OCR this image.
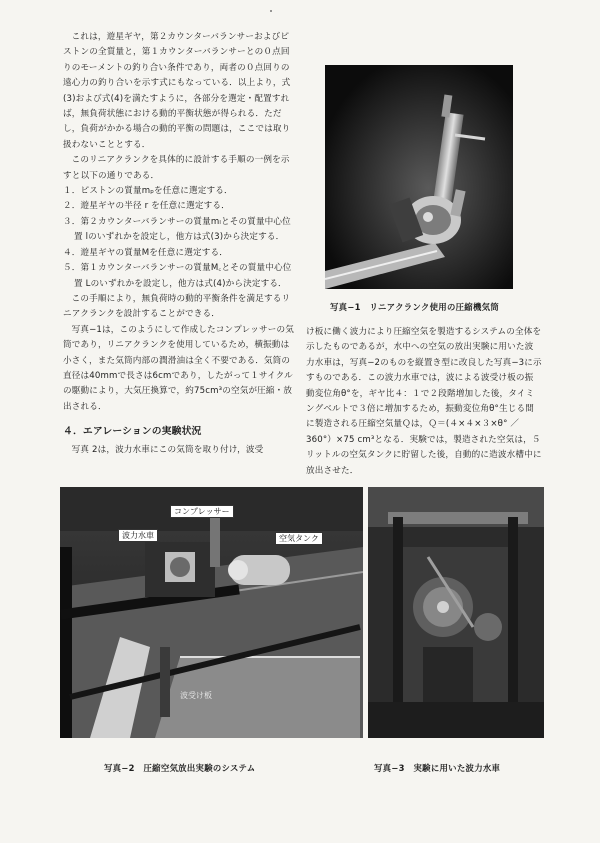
これは，遊星ギヤ，第２カウンターバランサーおよびピストンの全質量と，第１カウンターバランサーとの０点回りのモーメントの釣り合い条件であり，両者の０点回りの遠心力の釣り合いを示す式にもなっている．以上より，式(3)および式(4)を満たすように，各部分を選定・配置すれば，無負荷状態における動的平衡状態が得られる．ただし，負荷がかかる場合の動的平衡の問題は，ここでは取り扱わないこととする．

このリニアクランクを具体的に設計する手順の一例を示すと以下の通りである．

１．ピストンの質量mₚを任意に選定する．

２．遊星ギヤの半径 r を任意に選定する．

３．第２カウンターバランサーの質量mₗとその質量中心位置 lのいずれかを設定し，他方は式(3)から決定する．

４．遊星ギヤの質量Mを任意に選定する．

５．第１カウンターバランサーの質量M꜀とその質量中心位置 Lのいずれかを設定し，他方は式(4)から決定する．

この手順により，無負荷時の動的平衡条件を満足するリニアクランクを設計することができる．

写真−1は，このようにして作成したコンプレッサーの気筒であり，リニアクランクを使用しているため，横振動は小さく，また気筒内部の潤滑油は全く不要である．気筒の直径は40mmで長さは6cmであり，したがって１サイクルの駆動により，大気圧換算で，約75cm³の空気が圧縮・放出される．

４．エアレーションの実験状況

写真 2は，波力水車にこの気筒を取り付け，波受

写真−1　リニアクランク使用の圧縮機気筒

け板に働く波力により圧縮空気を製造するシステムの全体を示したものであるが，水中への空気の放出実験に用いた波力水車は，写真−2のものを縦置き型に改良した写真−3に示すものである．この波力水車では，波による波受け板の振動変位角θ°を，ギヤ比４：１で２段階増加した後，タイミングベルトで３倍に増加するため，振動変位角θ°生じる間に製造される圧縮空気量Ｑは，Ｑ＝(４×４×３×θ° ／360°）×75 cm³となる．実験では，製造された空気は，５リットルの空気タンクに貯留した後，自動的に造波水槽中に放出させた．

コンプレッサー
波力水車	空気タンク
波受け板
写真−2　圧縮空気放出実験のシステム	写真−3　実験に用いた波力水車
